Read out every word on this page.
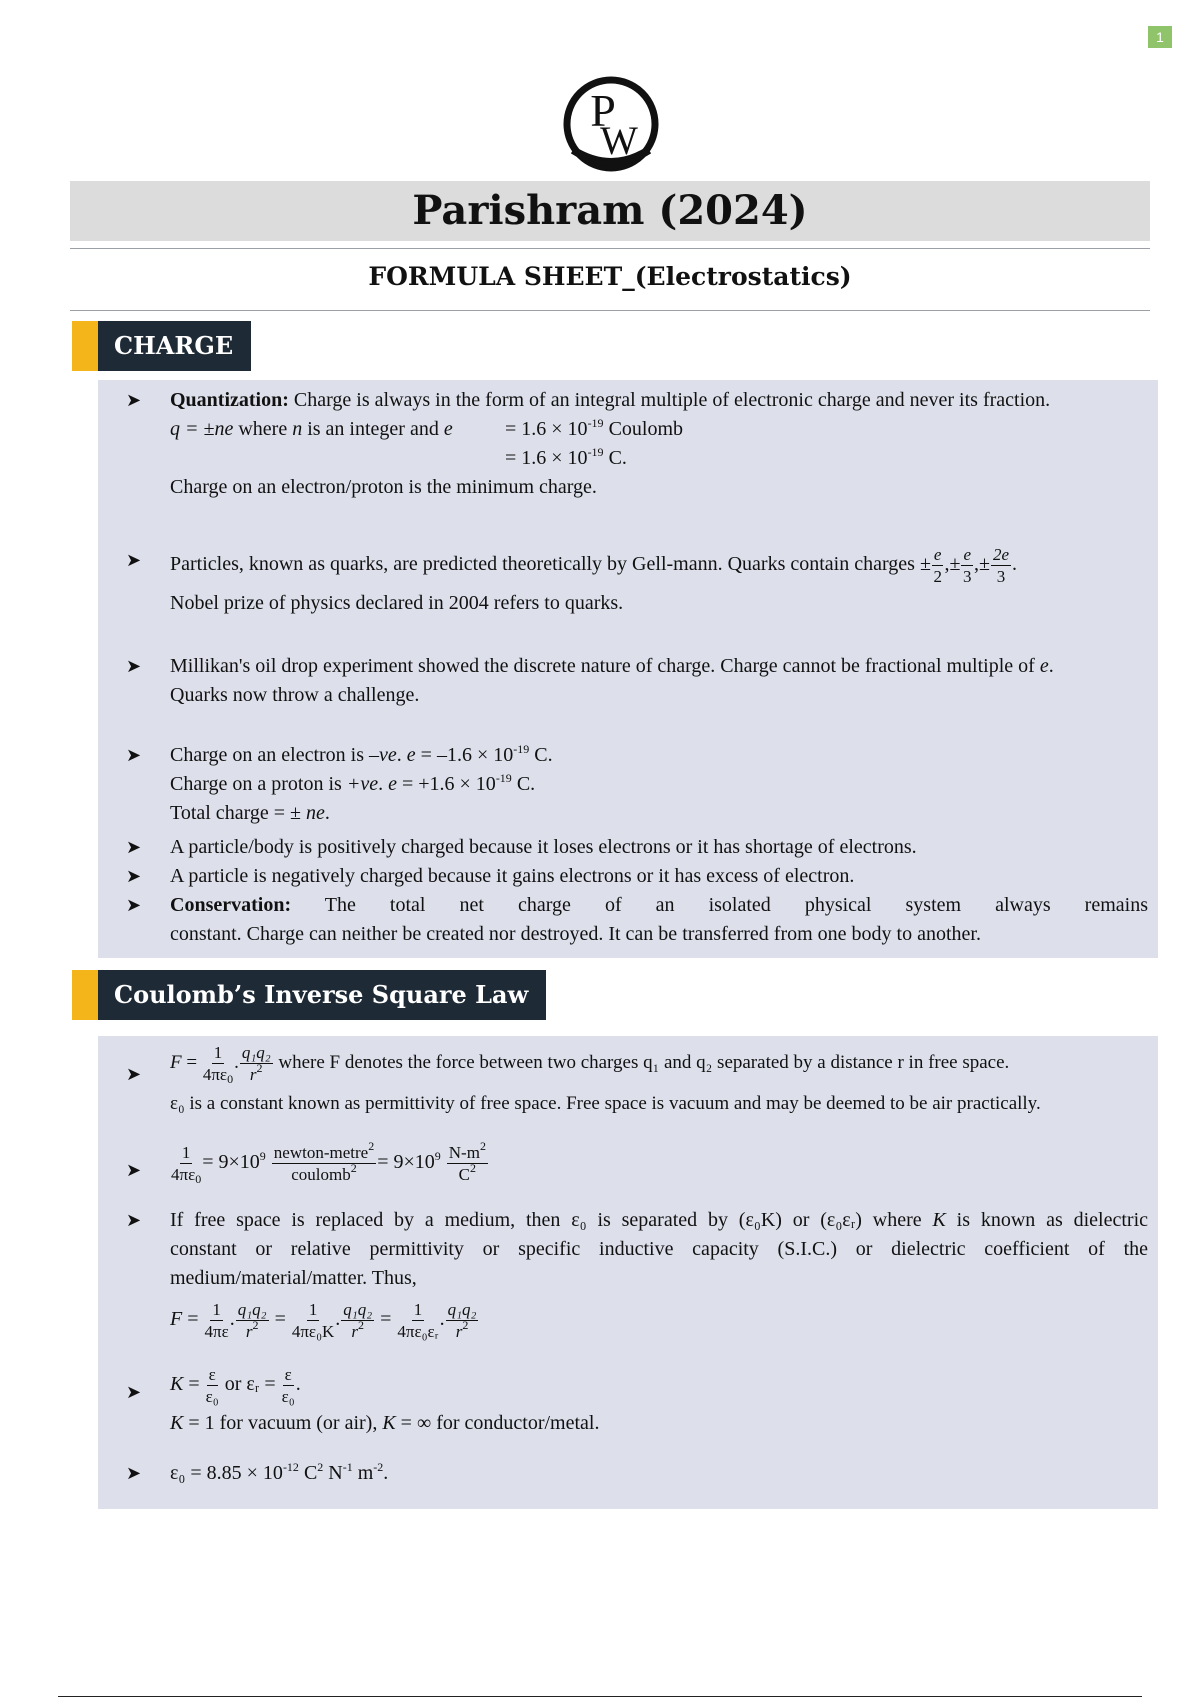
1
P
W
Parishram (2024)
FORMULA SHEET_(Electrostatics)
CHARGE
➤ Quantization: Charge is always in the form of an integral multiple of electronic charge and never its fraction.
q = ±ne where n is an integer and e	= $1.6 \times 10^{-19}$ Coulomb
= $1.6 \times 10^{-19}$ C.
Charge on an electron/proton is the minimum charge.
➤ Particles, known as quarks, are predicted theoretically by Gell-mann. Quarks contain charges ± $\frac{e}{2}$ ,± $\frac{e}{3}$ ,± $\frac{2e}{3}$ .
Nobel prize of physics declared in 2004 refers to quarks.
➤ Millikan's oil drop experiment showed the discrete nature of charge. Charge cannot be fractional multiple of e.
Quarks now throw a challenge.
➤ Charge on an electron is –ve. $e = -1.6 \times 10^{-19}$ C.
Charge on a proton is +ve. $e = +1.6 \times 10^{-19}$ C.
Total charge = ± ne.
➤ A particle/body is positively charged because it loses electrons or it has shortage of electrons.
➤ A particle is negatively charged because it gains electrons or it has excess of electron.
➤ Conservation: The total net charge of an isolated physical system always remains
constant. Charge can neither be created nor destroyed. It can be transferred from one body to another.
Coulomb’s Inverse Square Law
➤
$F = \frac{1}{4\pi\varepsilon_0}$ . $\frac{\text{q₁q₂}}{r^2}$ where F denotes the force between two charges q₁ and q₂ separated by a distance r in free space.
ε₀ is a constant known as permittivity of free space. Free space is vacuum and may be deemed to be air practically.
➤ $\frac{1}{4\pi\varepsilon_0} = 9\times 10^9 \frac{newton-metre^2}{coulomb^2} = 9\times 10^9 \frac{N-m^2}{C^2}$
➤ If free space is replaced by a medium, then ε₀ is separated by (ε₀K) or (ε₀εᵣ) where K is known as dielectric
constant or relative permittivity or specific inductive capacity (S.I.C.) or dielectric coefficient of the
medium/material/matter. Thus,
$F = \frac{1}{4\pi\varepsilon}$ . $\frac{\text{q₁q₂}}{r^2} = \frac{1}{\text{4πε₀K}}$ . $\frac{\text{q₁q₂}}{r^2} = \frac{1}{\text{4πε₀εᵣ}}$ . $\frac{\text{q₁q₂}}{r^2}$
➤ $K = \frac{\varepsilon}{\text{ε₀}}$ or εᵣ = $\frac{\varepsilon}{\text{ε₀}}$ .
K = 1 for vacuum (or air), K = ∞ for conductor/metal.
➤ $\varepsilon_0 = 8.85 \times 10^{-12}$ $C^2$ $N^{-1}$ $m^{-2}$.
